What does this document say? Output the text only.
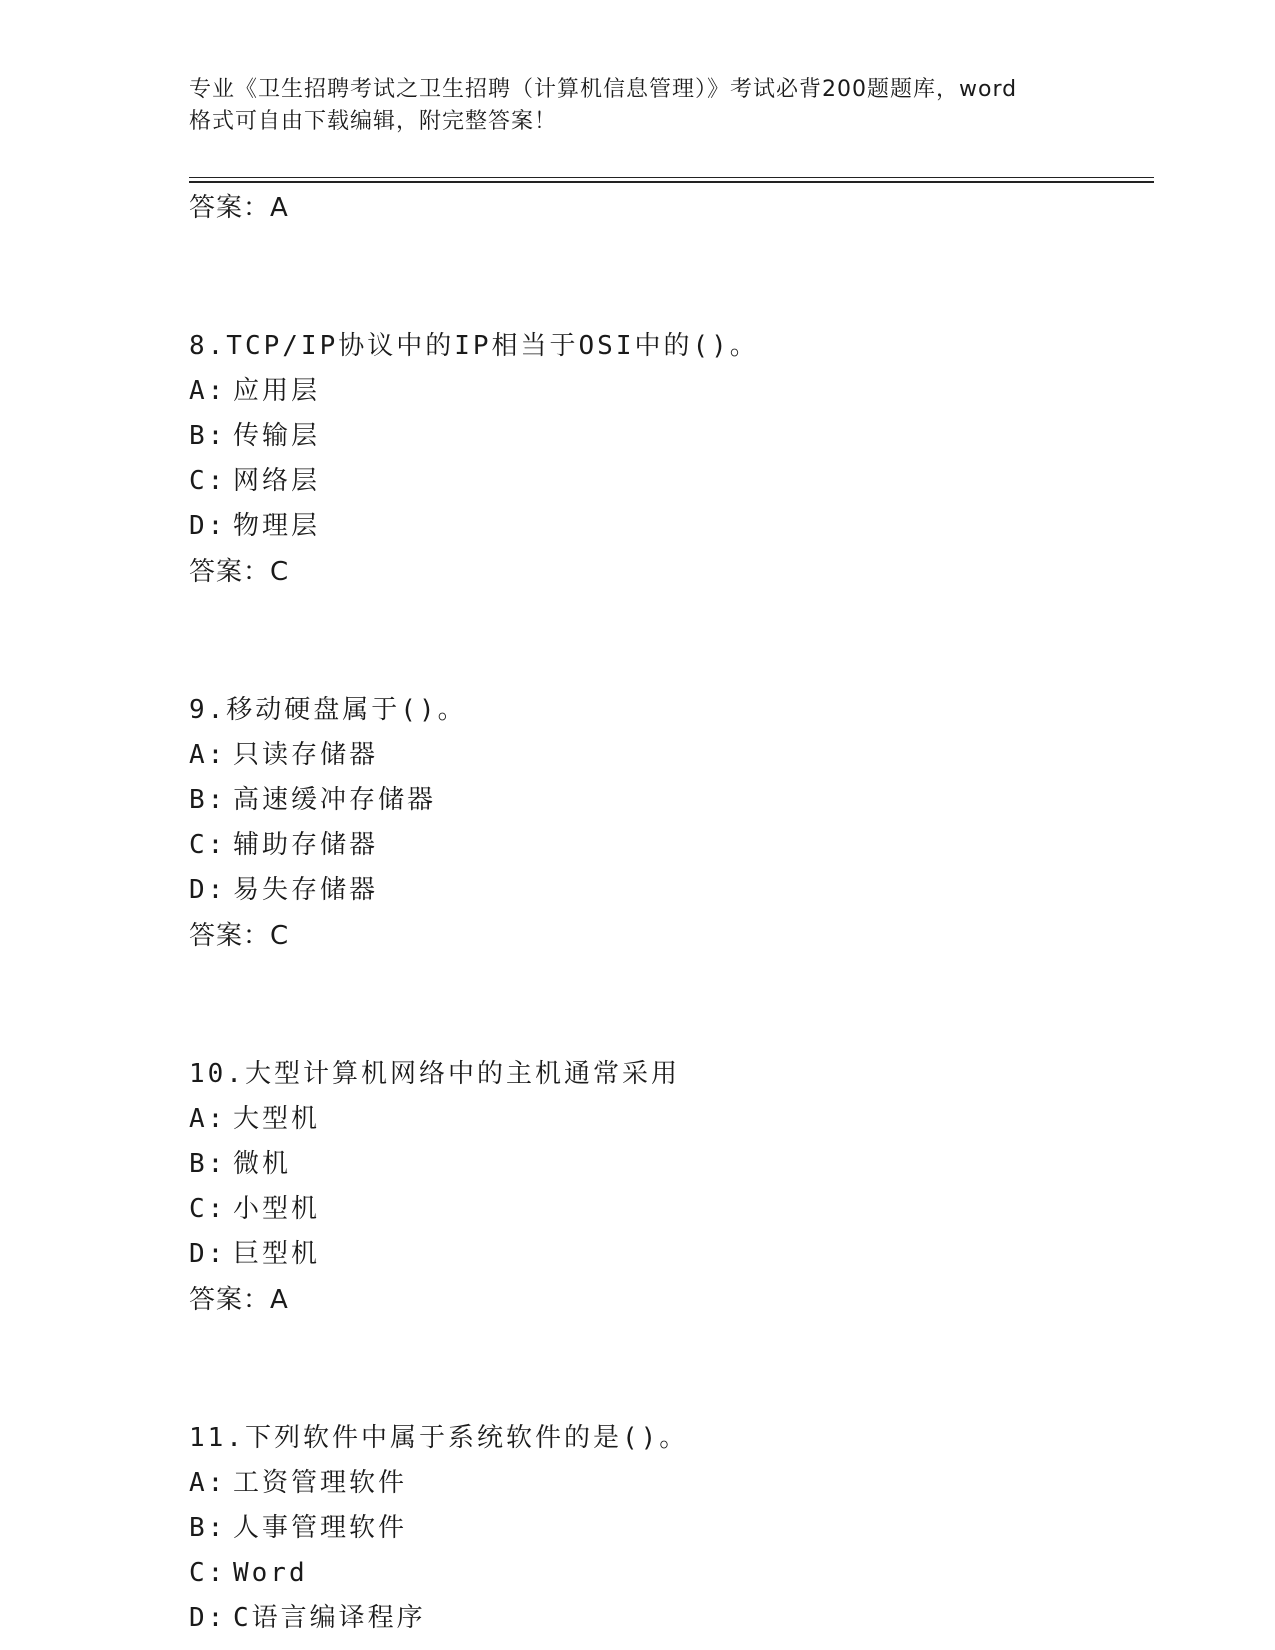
专业《卫生招聘考试之卫生招聘（计算机信息管理）》考试必背200题题库，word
格式可自由下载编辑，附完整答案！
答案：A
8.TCP/IP协议中的IP相当于OSI中的()。
A: 应用层
B: 传输层
C: 网络层
D: 物理层
答案：C
9.移动硬盘属于()。
A: 只读存储器
B: 高速缓冲存储器
C: 辅助存储器
D: 易失存储器
答案：C
10.大型计算机网络中的主机通常采用
A: 大型机
B: 微机
C: 小型机
D: 巨型机
答案：A
11.下列软件中属于系统软件的是()。
A: 工资管理软件
B: 人事管理软件
C: Word
D: C语言编译程序
